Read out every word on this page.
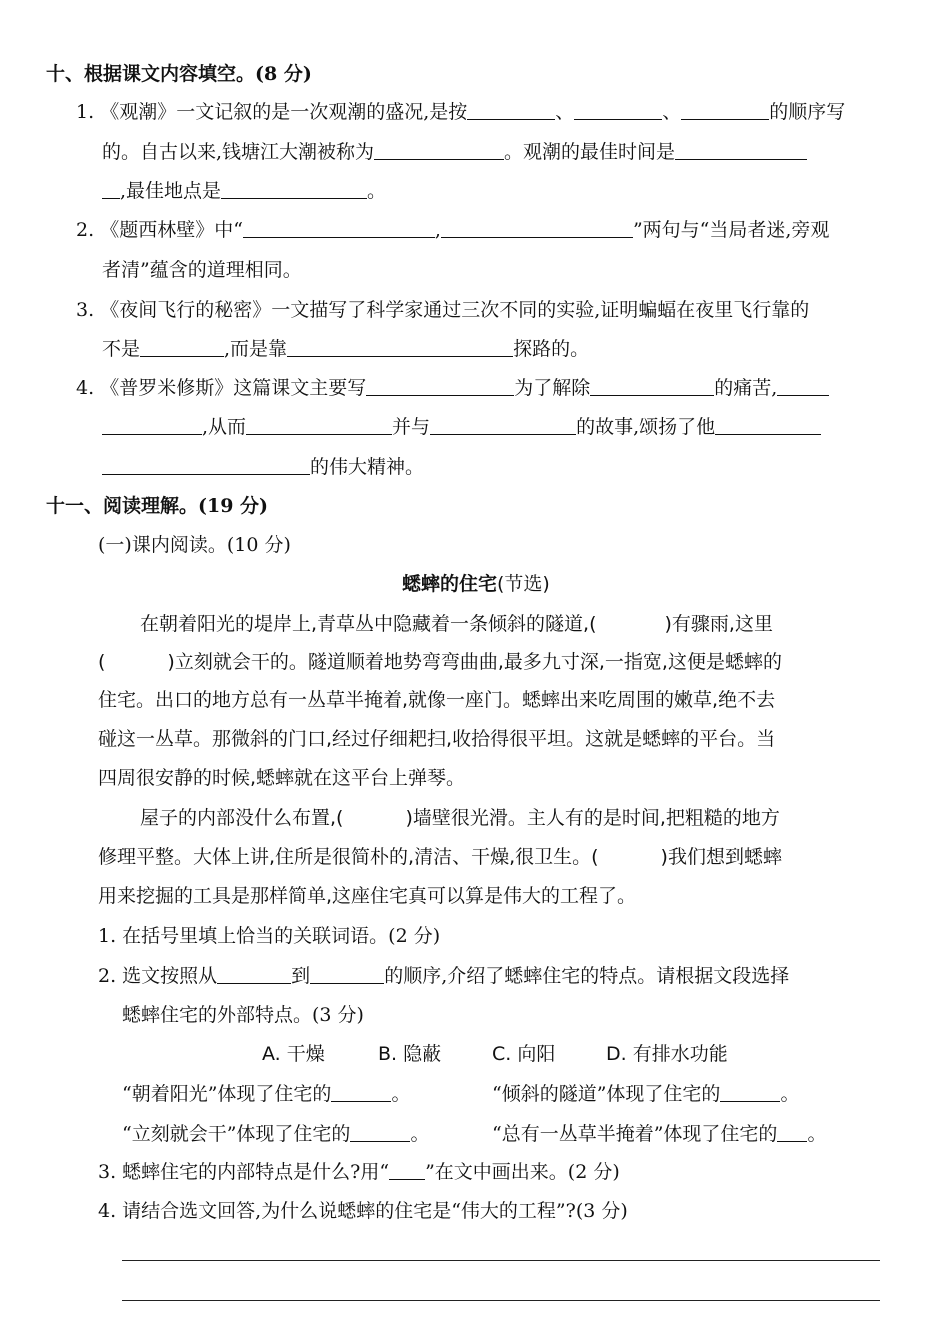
十、根据课文内容填空。(8 分)
1. 《观潮》一文记叙的是一次观潮的盛况,是按	、	、	的顺序写
的。自古以来,钱塘江大潮被称为	。观潮的最佳时间是
,最佳地点是	。
2. 《题西林壁》中“	,	”两句与“当局者迷,旁观
者清”蕴含的道理相同。
3. 《夜间飞行的秘密》一文描写了科学家通过三次不同的实验,证明蝙蝠在夜里飞行靠的
不是	,而是靠	探路的。
4. 《普罗米修斯》这篇课文主要写	为了解除	的痛苦,
,从而	并与	的故事,颂扬了他
的伟大精神。
十一、阅读理解。(19 分)
(一)课内阅读。(10 分)
蟋蟀的住宅(节选)
在朝着阳光的堤岸上,青草丛中隐藏着一条倾斜的隧道,(	)有骤雨,这里
(	)立刻就会干的。隧道顺着地势弯弯曲曲,最多九寸深,一指宽,这便是蟋蟀的
住宅。出口的地方总有一丛草半掩着,就像一座门。蟋蟀出来吃周围的嫩草,绝不去
碰这一丛草。那微斜的门口,经过仔细耙扫,收拾得很平坦。这就是蟋蟀的平台。当
四周很安静的时候,蟋蟀就在这平台上弹琴。
屋子的内部没什么布置,(	)墙壁很光滑。主人有的是时间,把粗糙的地方
修理平整。大体上讲,住所是很简朴的,清洁、干燥,很卫生。(	)我们想到蟋蟀
用来挖掘的工具是那样简单,这座住宅真可以算是伟大的工程了。
1. 在括号里填上恰当的关联词语。(2 分)
2. 选文按照从	到	的顺序,介绍了蟋蟀住宅的特点。请根据文段选择
蟋蟀住宅的外部特点。(3 分)
A. 干燥	B. 隐蔽	C. 向阳	D. 有排水功能
“朝着阳光”体现了住宅的	。	“倾斜的隧道”体现了住宅的	。
“立刻就会干”体现了住宅的	。	“总有一丛草半掩着”体现了住宅的 。
3. 蟋蟀住宅的内部特点是什么?用“ ”在文中画出来。(2 分)
4. 请结合选文回答,为什么说蟋蟀的住宅是“伟大的工程”?(3 分)
